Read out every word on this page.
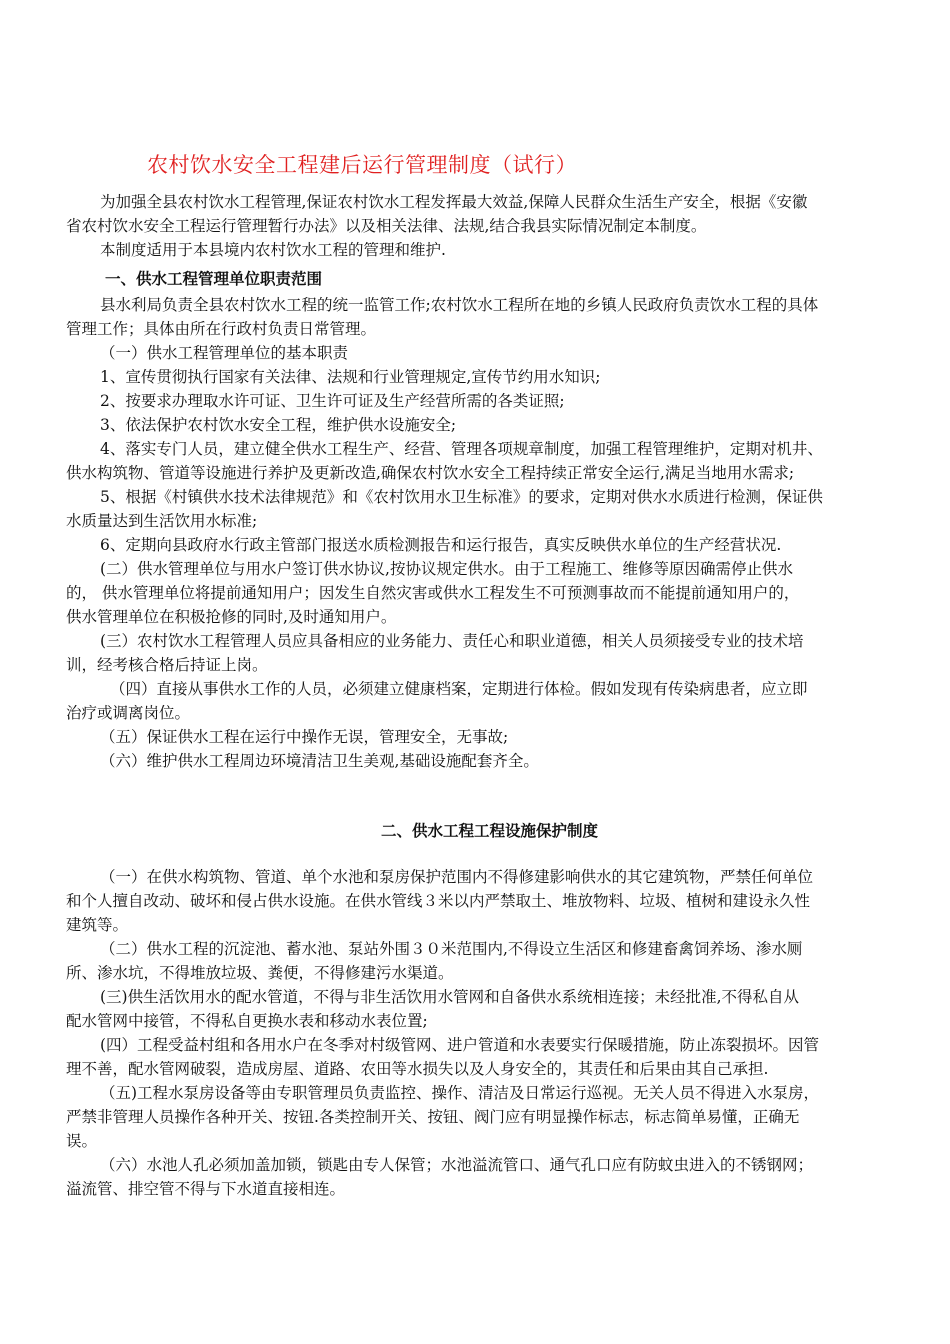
农村饮水安全工程建后运行管理制度（试行）
为加强全县农村饮水工程管理,保证农村饮水工程发挥最大效益,保障人民群众生活生产安全，根据《安徽
省农村饮水安全工程运行管理暂行办法》以及相关法律、法规,结合我县实际情况制定本制度。
本制度适用于本县境内农村饮水工程的管理和维护.
一、供水工程管理单位职责范围
县水利局负责全县农村饮水工程的统一监管工作;农村饮水工程所在地的乡镇人民政府负责饮水工程的具体
管理工作；具体由所在行政村负责日常管理。
（一）供水工程管理单位的基本职责
1、宣传贯彻执行国家有关法律、法规和行业管理规定,宣传节约用水知识;
2、按要求办理取水许可证、卫生许可证及生产经营所需的各类证照;
3、依法保护农村饮水安全工程，维护供水设施安全;
4、落实专门人员，建立健全供水工程生产、经营、管理各项规章制度，加强工程管理维护，定期对机井、
供水构筑物、管道等设施进行养护及更新改造,确保农村饮水安全工程持续正常安全运行,满足当地用水需求;
5、根据《村镇供水技术法律规范》和《农村饮用水卫生标准》的要求，定期对供水水质进行检测，保证供
水质量达到生活饮用水标准;
6、定期向县政府水行政主管部门报送水质检测报告和运行报告，真实反映供水单位的生产经营状况.
(二）供水管理单位与用水户签订供水协议,按协议规定供水。由于工程施工、维修等原因确需停止供水
的， 供水管理单位将提前通知用户；因发生自然灾害或供水工程发生不可预测事故而不能提前通知用户的，
供水管理单位在积极抢修的同时,及时通知用户。
(三）农村饮水工程管理人员应具备相应的业务能力、责任心和职业道德，相关人员须接受专业的技术培
训，经考核合格后持证上岗。
（四）直接从事供水工作的人员，必须建立健康档案，定期进行体检。假如发现有传染病患者，应立即
治疗或调离岗位。
（五）保证供水工程在运行中操作无误，管理安全，无事故;
（六）维护供水工程周边环境清洁卫生美观,基础设施配套齐全。
二、供水工程工程设施保护制度
（一）在供水构筑物、管道、单个水池和泵房保护范围内不得修建影响供水的其它建筑物，严禁任何单位
和个人擅自改动、破坏和侵占供水设施。在供水管线３米以内严禁取土、堆放物料、垃圾、植树和建设永久性
建筑等。
（二）供水工程的沉淀池、蓄水池、泵站外围３０米范围内,不得设立生活区和修建畜禽饲养场、渗水厕
所、渗水坑，不得堆放垃圾、粪便，不得修建污水渠道。
(三)供生活饮用水的配水管道，不得与非生活饮用水管网和自备供水系统相连接；未经批准,不得私自从
配水管网中接管，不得私自更换水表和移动水表位置;
(四）工程受益村组和各用水户在冬季对村级管网、进户管道和水表要实行保暖措施，防止冻裂损坏。因管
理不善，配水管网破裂，造成房屋、道路、农田等水损失以及人身安全的，其责任和后果由其自己承担.
（五)工程水泵房设备等由专职管理员负责监控、操作、清洁及日常运行巡视。无关人员不得进入水泵房，
严禁非管理人员操作各种开关、按钮.各类控制开关、按钮、阀门应有明显操作标志，标志简单易懂，正确无
误。
（六）水池人孔必须加盖加锁，锁匙由专人保管；水池溢流管口、通气孔口应有防蚊虫进入的不锈钢网；
溢流管、排空管不得与下水道直接相连。
